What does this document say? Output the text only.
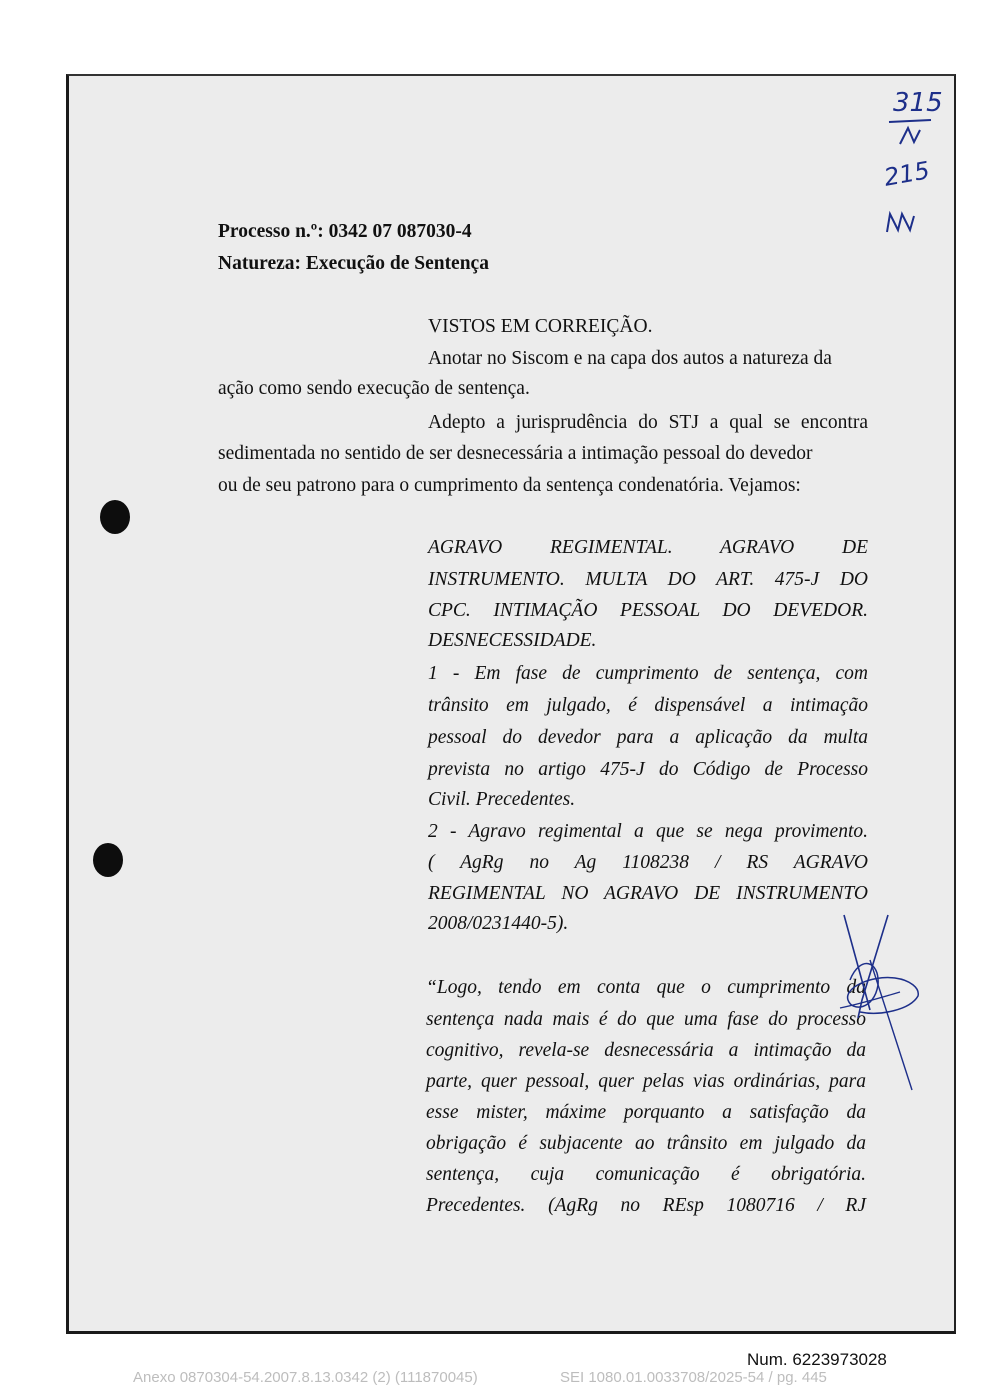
315
215
Processo n.º: 0342 07 087030-4
Natureza: Execução de Sentença
VISTOS EM CORREIÇÃO.
Anotar no Siscom e na capa dos autos a natureza da
ação como sendo execução de sentença.
Adepto a jurisprudência do STJ a qual se encontra
sedimentada no sentido de ser desnecessária a intimação pessoal do devedor
ou de seu patrono para o cumprimento da sentença condenatória. Vejamos:
AGRAVO REGIMENTAL. AGRAVO DE
INSTRUMENTO. MULTA DO ART. 475-J DO
CPC. INTIMAÇÃO PESSOAL DO DEVEDOR.
DESNECESSIDADE.
1 - Em fase de cumprimento de sentença, com
trânsito em julgado, é dispensável a intimação
pessoal do devedor para a aplicação da multa
prevista no artigo 475-J do Código de Processo
Civil. Precedentes.
2 - Agravo regimental a que se nega provimento.
( AgRg no Ag 1108238 / RS AGRAVO
REGIMENTAL NO AGRAVO DE INSTRUMENTO
2008/0231440-5).
“Logo, tendo em conta que o cumprimento da
sentença nada mais é do que uma fase do processo
cognitivo, revela-se desnecessária a intimação da
parte, quer pessoal, quer pelas vias ordinárias, para
esse mister, máxime porquanto a satisfação da
obrigação é subjacente ao trânsito em julgado da
sentença, cuja comunicação é obrigatória.
Precedentes. (AgRg no REsp 1080716 / RJ
Num. 6223973028
Anexo 0870304-54.2007.8.13.0342 (2) (111870045)	SEI 1080.01.0033708/2025-54 / pg. 445
